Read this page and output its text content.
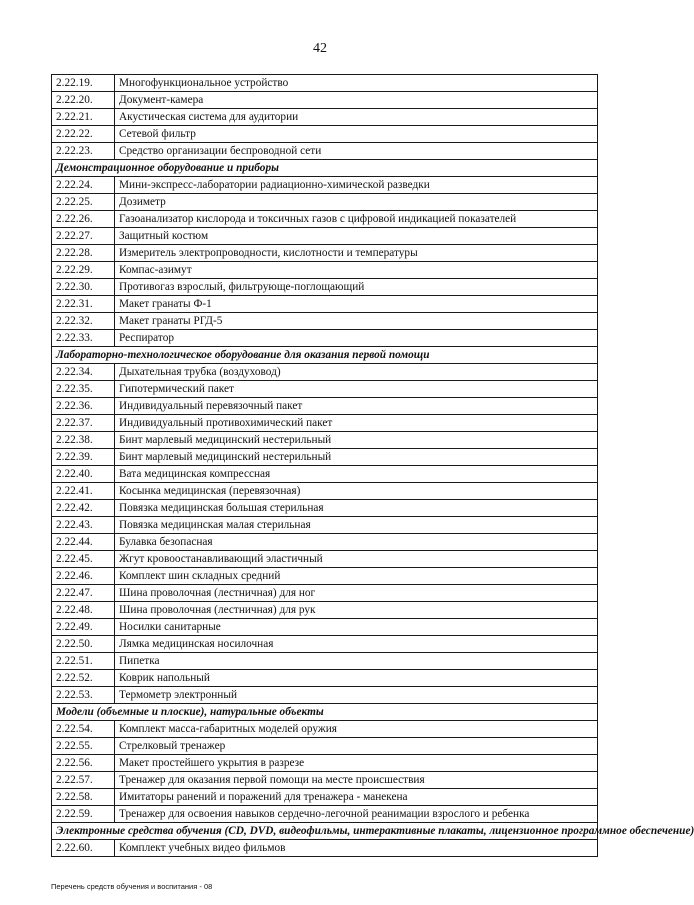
42
2.22.19.	Многофункциональное устройство
2.22.20.	Документ-камера
2.22.21.	Акустическая система для аудитории
2.22.22.	Сетевой фильтр
2.22.23.	Средство организации беспроводной сети
Демонстрационное оборудование и приборы	
2.22.24.	Мини-экспресс-лаборатории радиационно-химической разведки
2.22.25.	Дозиметр
2.22.26.	Газоанализатор кислорода и токсичных газов с цифровой индикацией показателей
2.22.27.	Защитный костюм
2.22.28.	Измеритель электропроводности, кислотности и температуры
2.22.29.	Компас-азимут
2.22.30.	Противогаз взрослый, фильтрующе-поглощающий
2.22.31.	Макет гранаты Ф-1
2.22.32.	Макет гранаты РГД-5
2.22.33.	Респиратор
Лабораторно-технологическое оборудование для оказания первой помощи	
2.22.34.	Дыхательная трубка (воздуховод)
2.22.35.	Гипотермический пакет
2.22.36.	Индивидуальный перевязочный пакет
2.22.37.	Индивидуальный противохимический пакет
2.22.38.	Бинт марлевый медицинский нестерильный
2.22.39.	Бинт марлевый медицинский нестерильный
2.22.40.	Вата медицинская компрессная
2.22.41.	Косынка медицинская (перевязочная)
2.22.42.	Повязка медицинская большая стерильная
2.22.43.	Повязка медицинская малая стерильная
2.22.44.	Булавка безопасная
2.22.45.	Жгут кровоостанавливающий эластичный
2.22.46.	Комплект шин складных средний
2.22.47.	Шина проволочная (лестничная) для ног
2.22.48.	Шина проволочная (лестничная) для рук
2.22.49.	Носилки санитарные
2.22.50.	Лямка медицинская носилочная
2.22.51.	Пипетка
2.22.52.	Коврик напольный
2.22.53.	Термометр электронный
Модели (объемные и плоские), натуральные объекты	
2.22.54.	Комплект масса-габаритных моделей оружия
2.22.55.	Стрелковый тренажер
2.22.56.	Макет простейшего укрытия в разрезе
2.22.57.	Тренажер для оказания первой помощи на месте происшествия
2.22.58.	Имитаторы ранений и поражений для тренажера - манекена
2.22.59.	Тренажер для освоения навыков сердечно-легочной реанимации взрослого и ребенка
Электронные средства обучения (CD, DVD, видеофильмы, интерактивные плакаты, лицензионное программное обеспечение)	
2.22.60.	Комплект учебных видео фильмов
Перечень средств обучения и воспитания - 08
